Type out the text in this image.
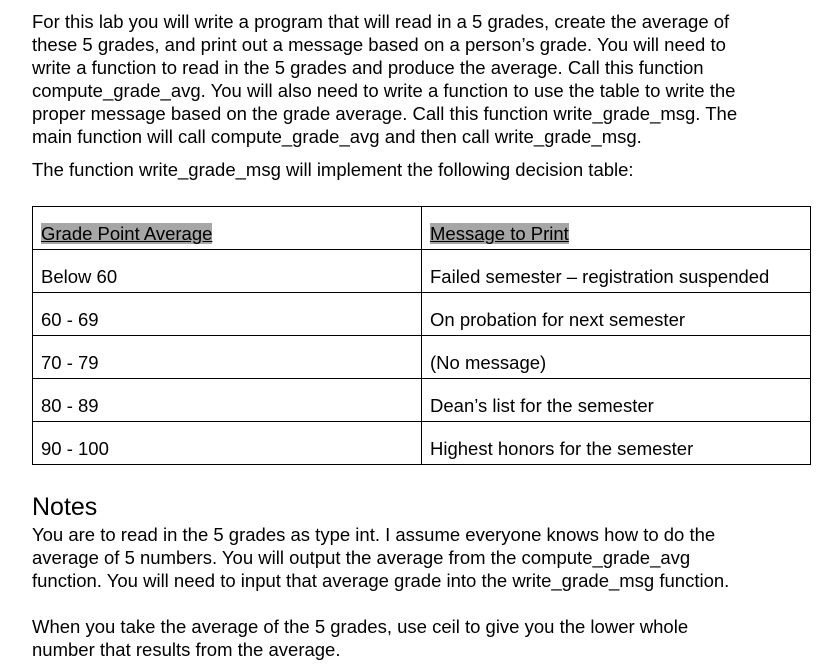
For this lab you will write a program that will read in a 5 grades, create the average of
these 5 grades, and print out a message based on a person’s grade. You will need to
write a function to read in the 5 grades and produce the average. Call this function
compute_grade_avg. You will also need to write a function to use the table to write the
proper message based on the grade average. Call this function write_grade_msg. The
main function will call compute_grade_avg and then call write_grade_msg.

The function write_grade_msg will implement the following decision table:

Grade Point Average	Message to Print
Below 60	Failed semester – registration suspended
60 - 69	On probation for next semester
70 - 79	(No message)
80 - 89	Dean’s list for the semester
90 - 100	Highest honors for the semester
Notes

You are to read in the 5 grades as type int. I assume everyone knows how to do the
average of 5 numbers. You will output the average from the compute_grade_avg
function. You will need to input that average grade into the write_grade_msg function.

When you take the average of the 5 grades, use ceil to give you the lower whole
number that results from the average.
